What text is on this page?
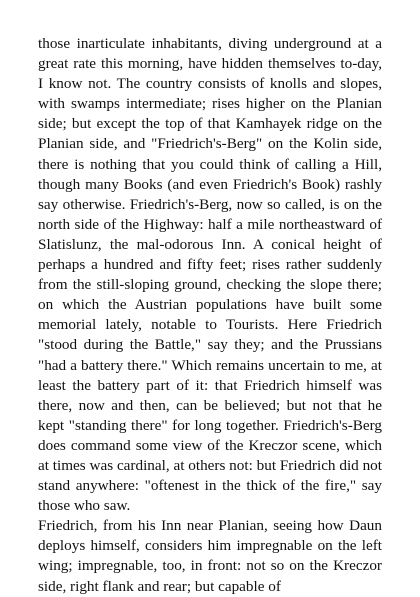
those inarticulate inhabitants, diving underground at a great rate this morning, have hidden themselves to-day, I know not. The country consists of knolls and slopes, with swamps intermediate; rises higher on the Planian side; but except the top of that Kamhayek ridge on the Planian side, and "Friedrich's-Berg" on the Kolin side, there is nothing that you could think of calling a Hill, though many Books (and even Friedrich's Book) rashly say otherwise. Friedrich's-Berg, now so called, is on the north side of the Highway: half a mile northeastward of Slatislunz, the mal-odorous Inn. A conical height of perhaps a hundred and fifty feet; rises rather suddenly from the still-sloping ground, checking the slope there; on which the Austrian populations have built some memorial lately, notable to Tourists. Here Friedrich "stood during the Battle," say they; and the Prussians "had a battery there." Which remains uncertain to me, at least the battery part of it: that Friedrich himself was there, now and then, can be believed; but not that he kept "standing there" for long together. Friedrich's-Berg does command some view of the Kreczor scene, which at times was cardinal, at others not: but Friedrich did not stand anywhere: "oftenest in the thick of the fire," say those who saw.

Friedrich, from his Inn near Planian, seeing how Daun deploys himself, considers him impregnable on the left wing; impregnable, too, in front: not so on the Kreczor side, right flank and rear; but capable of
